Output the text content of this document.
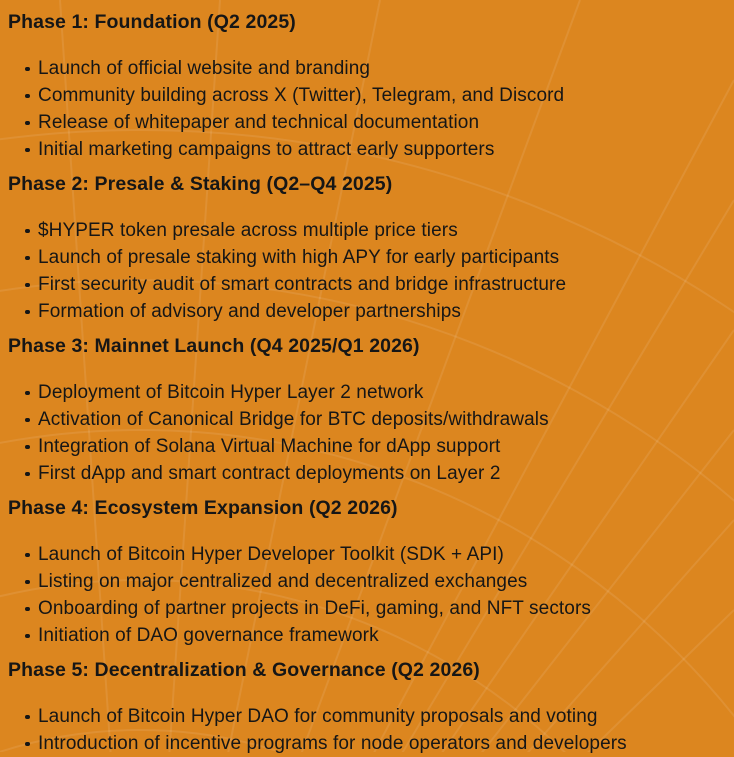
Phase 1: Foundation (Q2 2025)
Launch of official website and branding
Community building across X (Twitter), Telegram, and Discord
Release of whitepaper and technical documentation
Initial marketing campaigns to attract early supporters
Phase 2: Presale & Staking (Q2–Q4 2025)
$HYPER token presale across multiple price tiers
Launch of presale staking with high APY for early participants
First security audit of smart contracts and bridge infrastructure
Formation of advisory and developer partnerships
Phase 3: Mainnet Launch (Q4 2025/Q1 2026)
Deployment of Bitcoin Hyper Layer 2 network
Activation of Canonical Bridge for BTC deposits/withdrawals
Integration of Solana Virtual Machine for dApp support
First dApp and smart contract deployments on Layer 2
Phase 4: Ecosystem Expansion (Q2 2026)
Launch of Bitcoin Hyper Developer Toolkit (SDK + API)
Listing on major centralized and decentralized exchanges
Onboarding of partner projects in DeFi, gaming, and NFT sectors
Initiation of DAO governance framework
Phase 5: Decentralization & Governance (Q2 2026)
Launch of Bitcoin Hyper DAO for community proposals and voting
Introduction of incentive programs for node operators and developers
